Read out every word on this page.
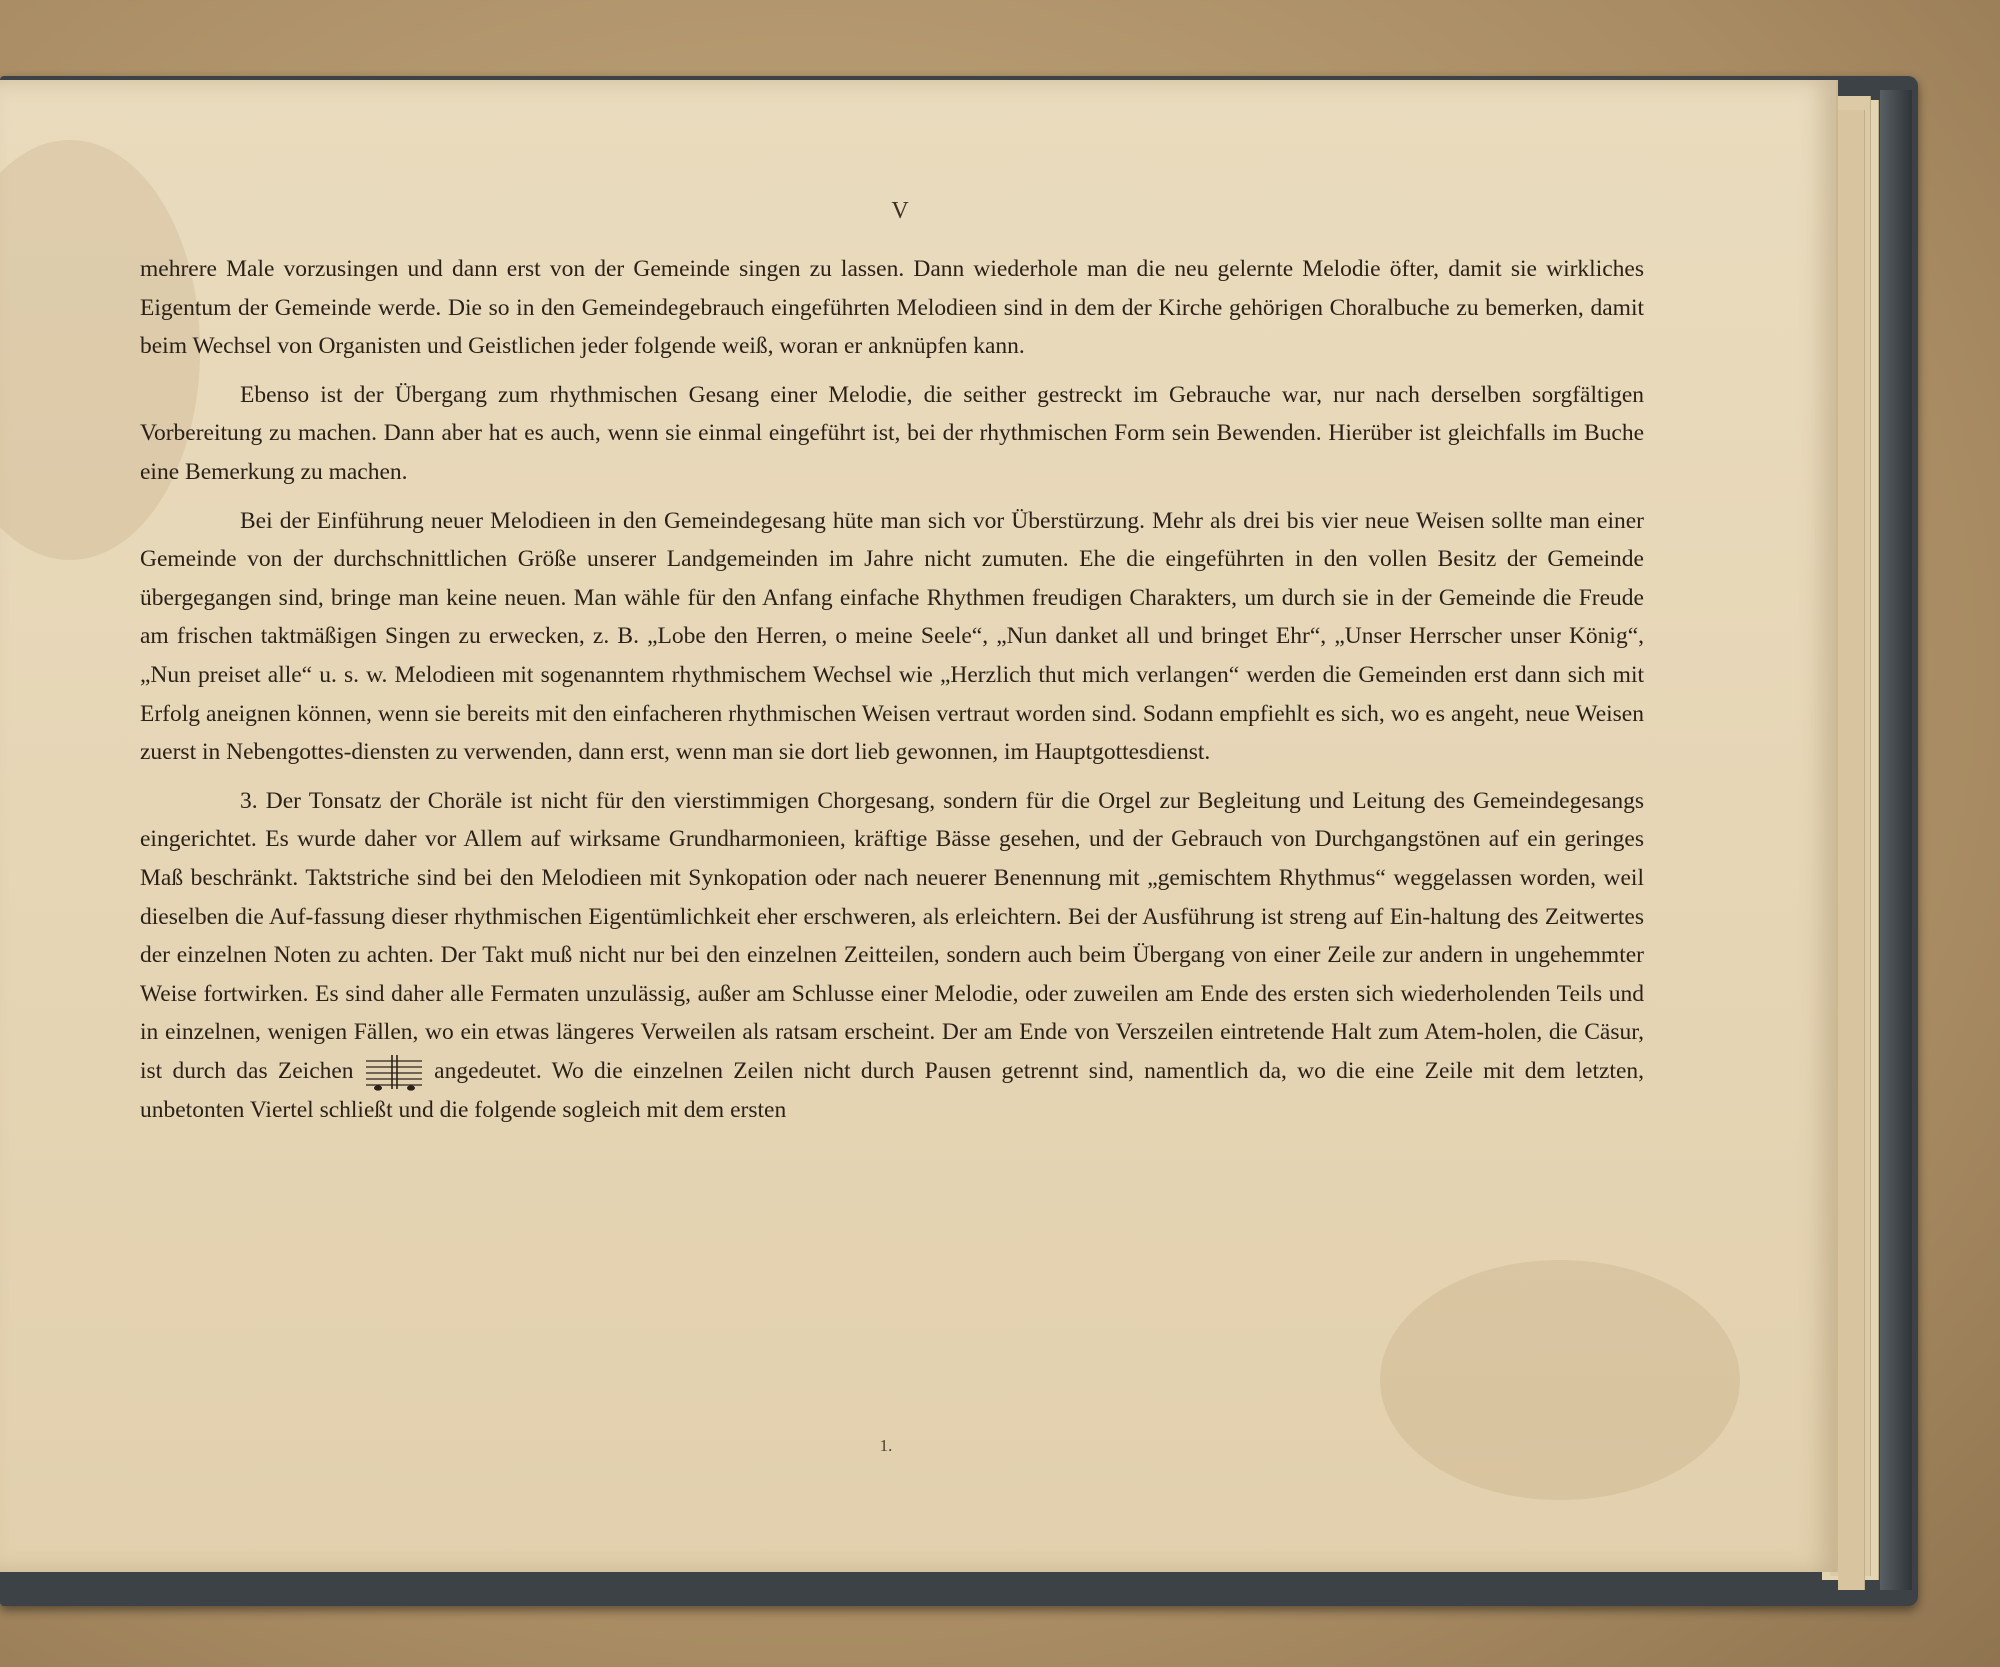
V

mehrere Male vorzusingen und dann erst von der Gemeinde singen zu lassen. Dann wiederhole man die neu gelernte Melodie öfter, damit sie wirkliches Eigentum der Gemeinde werde. Die so in den Gemeindegebrauch eingeführten Melodieen sind in dem der Kirche gehörigen Choralbuche zu bemerken, damit beim Wechsel von Organisten und Geistlichen jeder folgende weiß, woran er anknüpfen kann.

Ebenso ist der Übergang zum rhythmischen Gesang einer Melodie, die seither gestreckt im Gebrauche war, nur nach derselben sorgfältigen Vorbereitung zu machen. Dann aber hat es auch, wenn sie einmal eingeführt ist, bei der rhythmischen Form sein Bewenden. Hierüber ist gleichfalls im Buche eine Bemerkung zu machen.

Bei der Einführung neuer Melodieen in den Gemeindegesang hüte man sich vor Überstürzung. Mehr als drei bis vier neue Weisen sollte man einer Gemeinde von der durchschnittlichen Größe unserer Landgemeinden im Jahre nicht zumuten. Ehe die eingeführten in den vollen Besitz der Gemeinde übergegangen sind, bringe man keine neuen. Man wähle für den Anfang einfache Rhythmen freudigen Charakters, um durch sie in der Gemeinde die Freude am frischen taktmäßigen Singen zu erwecken, z. B. „Lobe den Herren, o meine Seele“, „Nun danket all und bringet Ehr“, „Unser Herrscher unser König“, „Nun preiset alle“ u. s. w. Melodieen mit sogenanntem rhythmischem Wechsel wie „Herzlich thut mich verlangen“ werden die Gemeinden erst dann sich mit Erfolg aneignen können, wenn sie bereits mit den einfacheren rhythmischen Weisen vertraut worden sind. Sodann empfiehlt es sich, wo es angeht, neue Weisen zuerst in Nebengottes-diensten zu verwenden, dann erst, wenn man sie dort lieb gewonnen, im Hauptgottesdienst.

3. Der Tonsatz der Choräle ist nicht für den vierstimmigen Chorgesang, sondern für die Orgel zur Begleitung und Leitung des Gemeindegesangs eingerichtet. Es wurde daher vor Allem auf wirksame Grundharmonieen, kräftige Bässe gesehen, und der Gebrauch von Durchgangstönen auf ein geringes Maß beschränkt. Taktstriche sind bei den Melodieen mit Synkopation oder nach neuerer Benennung mit „gemischtem Rhythmus“ weggelassen worden, weil dieselben die Auf-fassung dieser rhythmischen Eigentümlichkeit eher erschweren, als erleichtern. Bei der Ausführung ist streng auf Ein-haltung des Zeitwertes der einzelnen Noten zu achten. Der Takt muß nicht nur bei den einzelnen Zeitteilen, sondern auch beim Übergang von einer Zeile zur andern in ungehemmter Weise fortwirken. Es sind daher alle Fermaten unzulässig, außer am Schlusse einer Melodie, oder zuweilen am Ende des ersten sich wiederholenden Teils und in einzelnen, wenigen Fällen, wo ein etwas längeres Verweilen als ratsam erscheint. Der am Ende von Verszeilen eintretende Halt zum Atem-holen, die Cäsur, ist durch das Zeichen	angedeutet. Wo die einzelnen Zeilen nicht durch Pausen getrennt sind, namentlich da, wo die eine Zeile mit dem letzten, unbetonten Viertel schließt und die folgende sogleich mit dem ersten

1.
